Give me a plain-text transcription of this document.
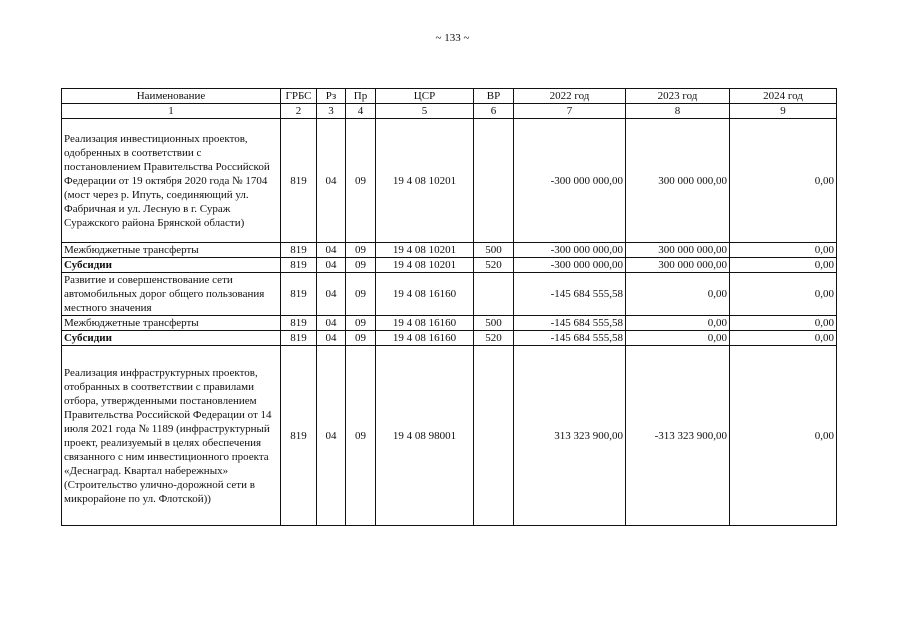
~ 133 ~
Наименование	ГРБС	Рз	Пр	ЦСР	ВР	2022 год	2023 год	2024 год
1	2	3	4	5	6	7	8	9
Реализация инвестиционных проектов, одобренных в соответствии с постановлением Правительства Российской Федерации от 19 октября 2020 года № 1704 (мост через р. Ипуть, соединяющий ул. Фабричная и ул. Лесную в г. Сураж Суражского района Брянской области)	819	04	09	19 4 08 10201		-300 000 000,00	300 000 000,00	0,00
Межбюджетные трансферты	819	04	09	19 4 08 10201	500	-300 000 000,00	300 000 000,00	0,00
Субсидии	819	04	09	19 4 08 10201	520	-300 000 000,00	300 000 000,00	0,00
Развитие и совершенствование сети автомобильных дорог общего пользования местного значения	819	04	09	19 4 08 16160		-145 684 555,58	0,00	0,00
Межбюджетные трансферты	819	04	09	19 4 08 16160	500	-145 684 555,58	0,00	0,00
Субсидии	819	04	09	19 4 08 16160	520	-145 684 555,58	0,00	0,00
Реализация инфраструктурных проектов, отобранных в соответствии с правилами отбора, утвержденными постановлением Правительства Российской Федерации от 14 июля 2021 года № 1189 (инфраструктурный проект, реализуемый в целях обеспечения связанного с ним инвестиционного проекта «Деснаград. Квартал набережных» (Строительство улично-дорожной сети в микрорайоне по ул. Флотской))	819	04	09	19 4 08 98001		313 323 900,00	-313 323 900,00	0,00
